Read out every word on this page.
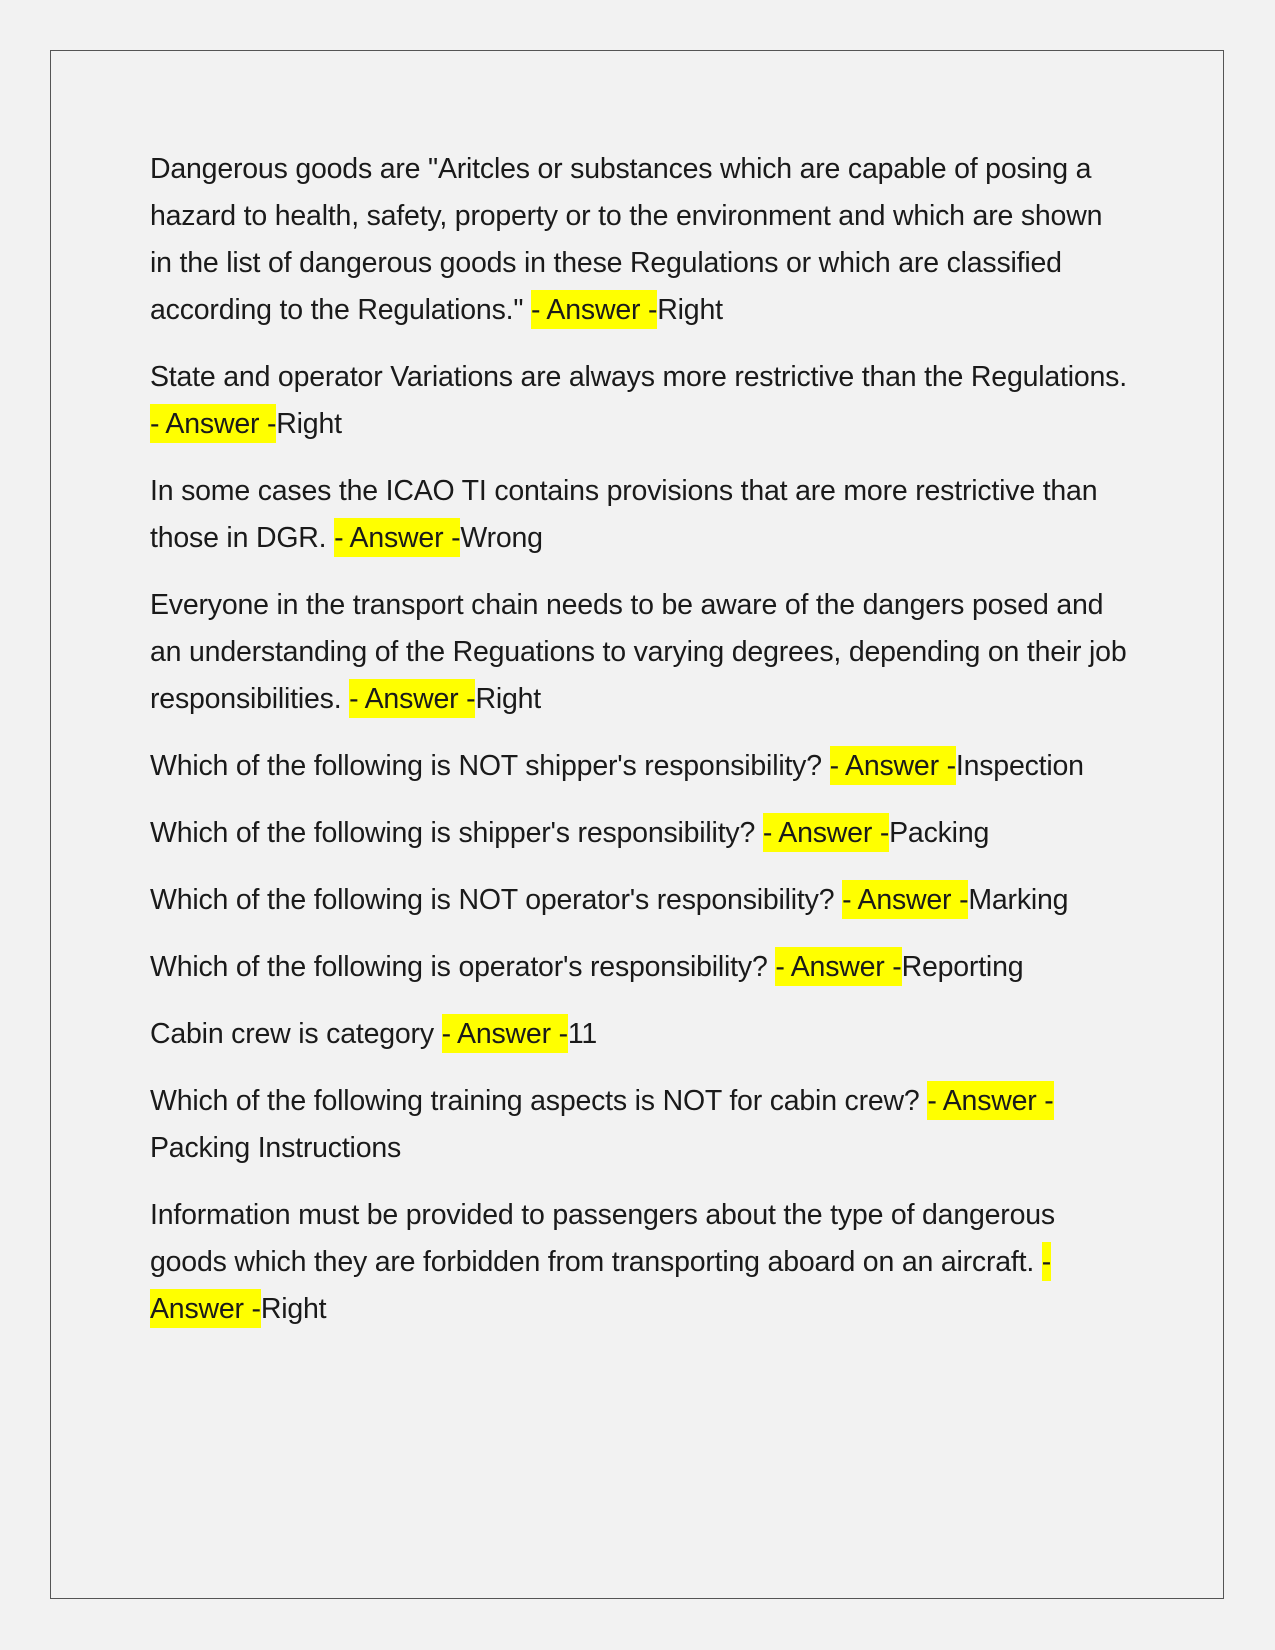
Dangerous goods are "Aritcles or substances which are capable of posing a hazard to health, safety, property or to the environment and which are shown in the list of dangerous goods in these Regulations or which are classified according to the Regulations." - Answer -Right

State and operator Variations are always more restrictive than the Regulations. - Answer -Right

In some cases the ICAO TI contains provisions that are more restrictive than those in DGR. - Answer -Wrong

Everyone in the transport chain needs to be aware of the dangers posed and an understanding of the Reguations to varying degrees, depending on their job responsibilities. - Answer -Right

Which of the following is NOT shipper's responsibility? - Answer -Inspection

Which of the following is shipper's responsibility? - Answer -Packing

Which of the following is NOT operator's responsibility? - Answer -Marking

Which of the following is operator's responsibility? - Answer -Reporting

Cabin crew is category - Answer -11

Which of the following training aspects is NOT for cabin crew? - Answer -Packing Instructions

Information must be provided to passengers about the type of dangerous goods which they are forbidden from transporting aboard on an aircraft. - Answer -Right
